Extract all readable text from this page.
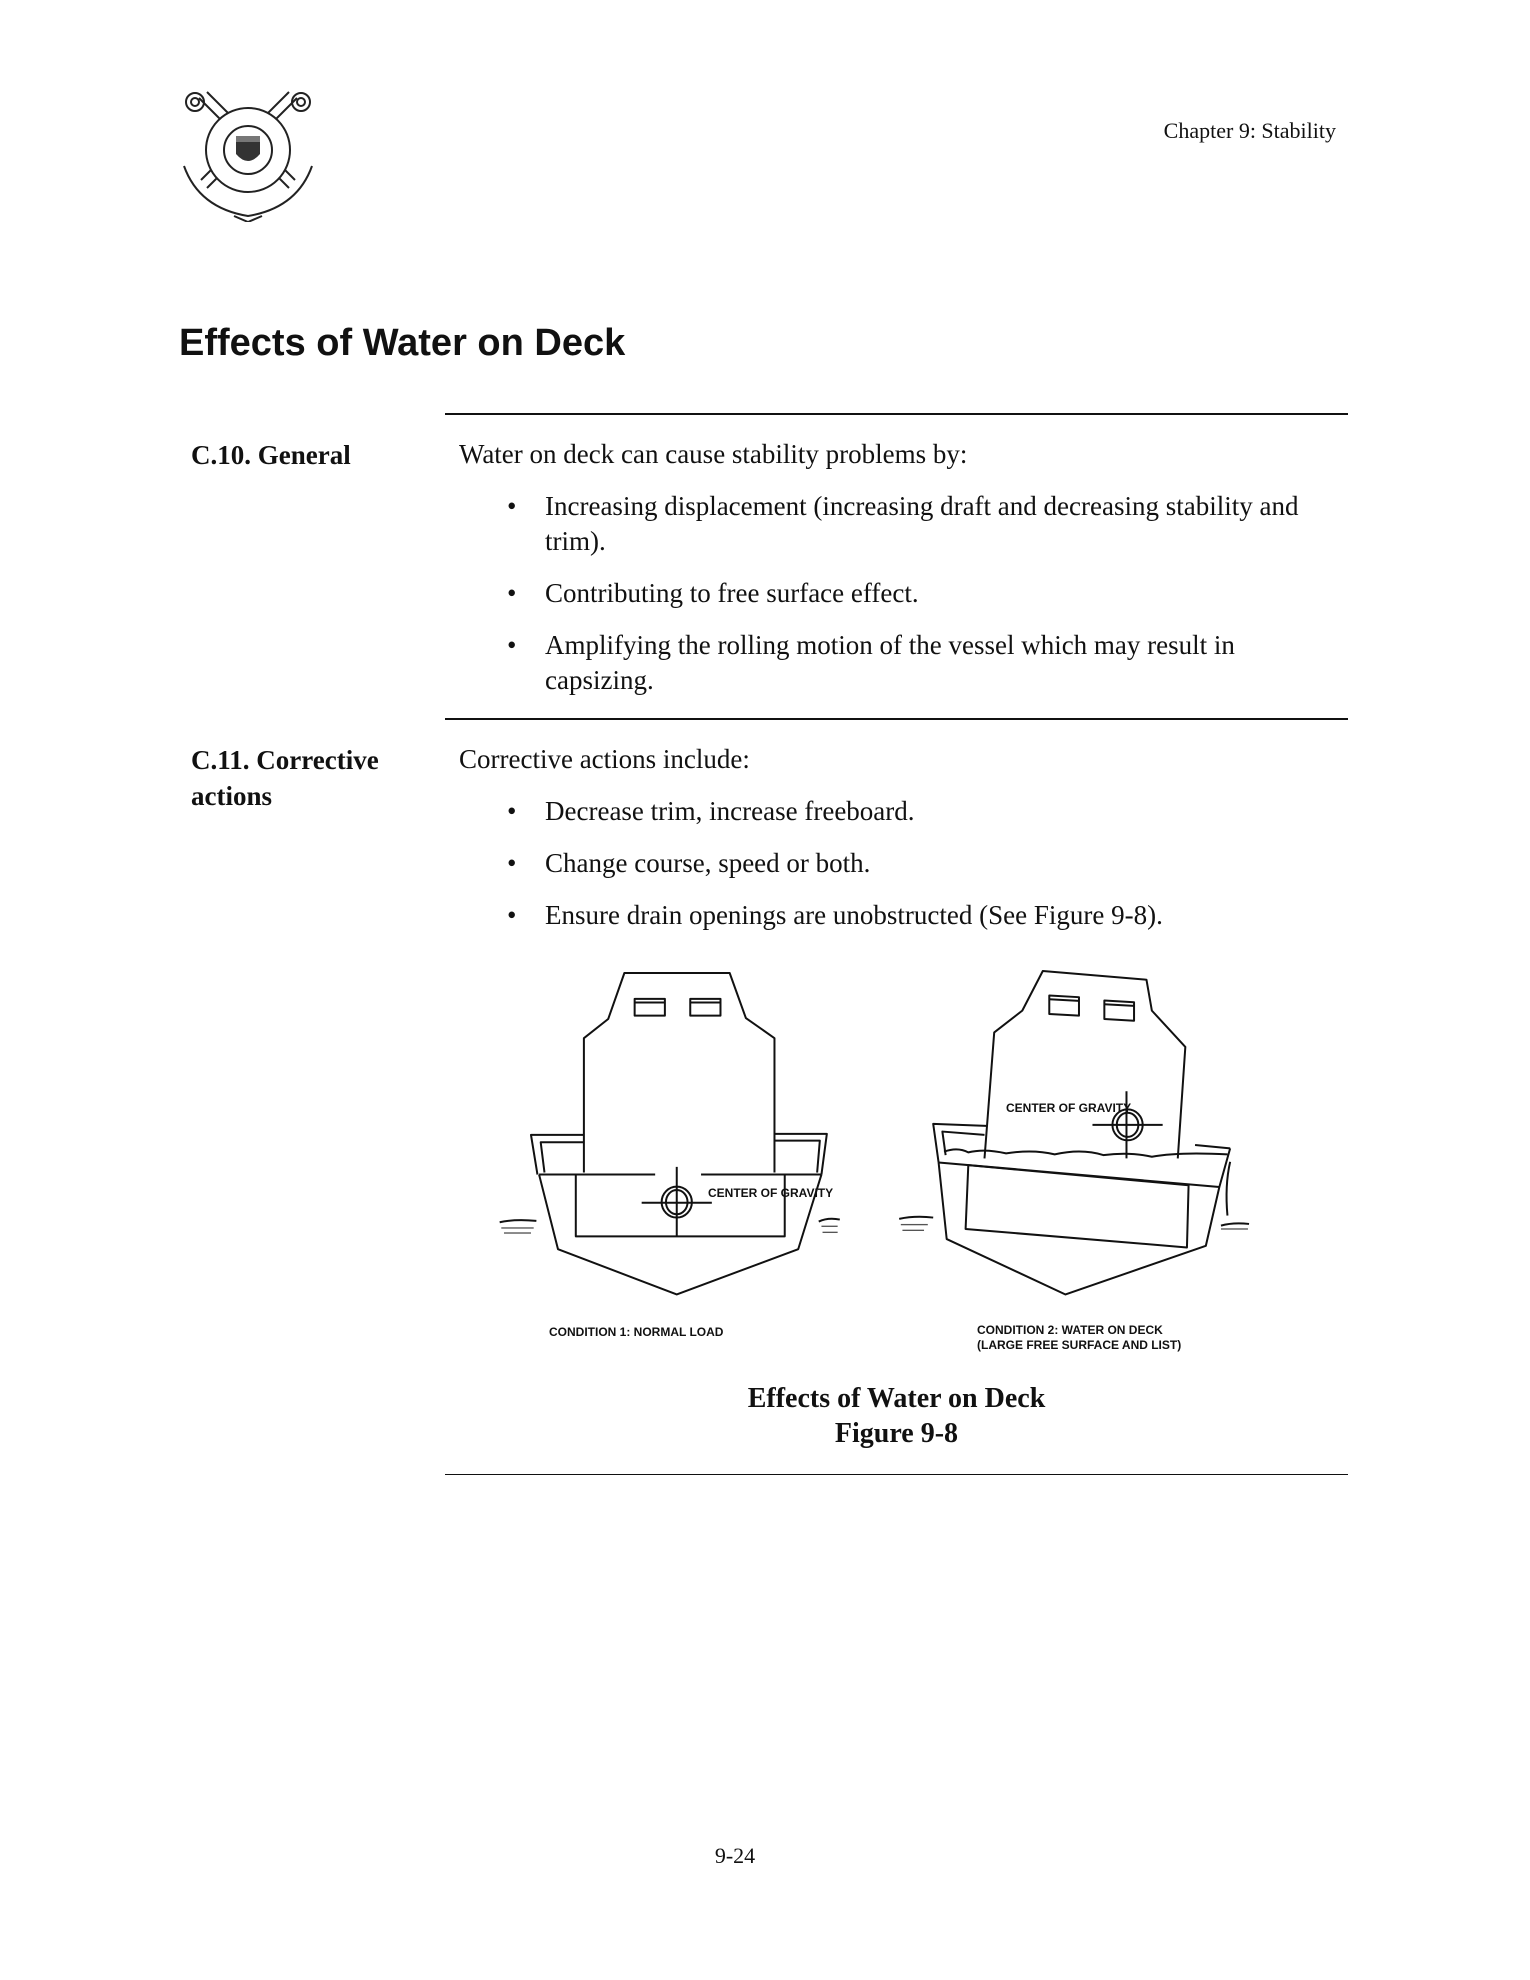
Chapter 9: Stability
Effects of Water on Deck
C.10. General	Water on deck can cause stability problems by:
• Increasing displacement (increasing draft and decreasing stability and trim).
• Contributing to free surface effect.
• Amplifying the rolling motion of the vessel which may result in capsizing.
C.11. Corrective
actions
Corrective actions include:
• Decrease trim, increase freeboard.
• Change course, speed or both.
• Ensure drain openings are unobstructed (See Figure 9-8).
CENTER OF GRAVITY
CENTER OF GRAVITY
CONDITION 1: NORMAL LOAD	CONDITION 2: WATER ON DECK
(LARGE FREE SURFACE AND LIST)
Effects of Water on Deck
Figure 9-8
9-24
